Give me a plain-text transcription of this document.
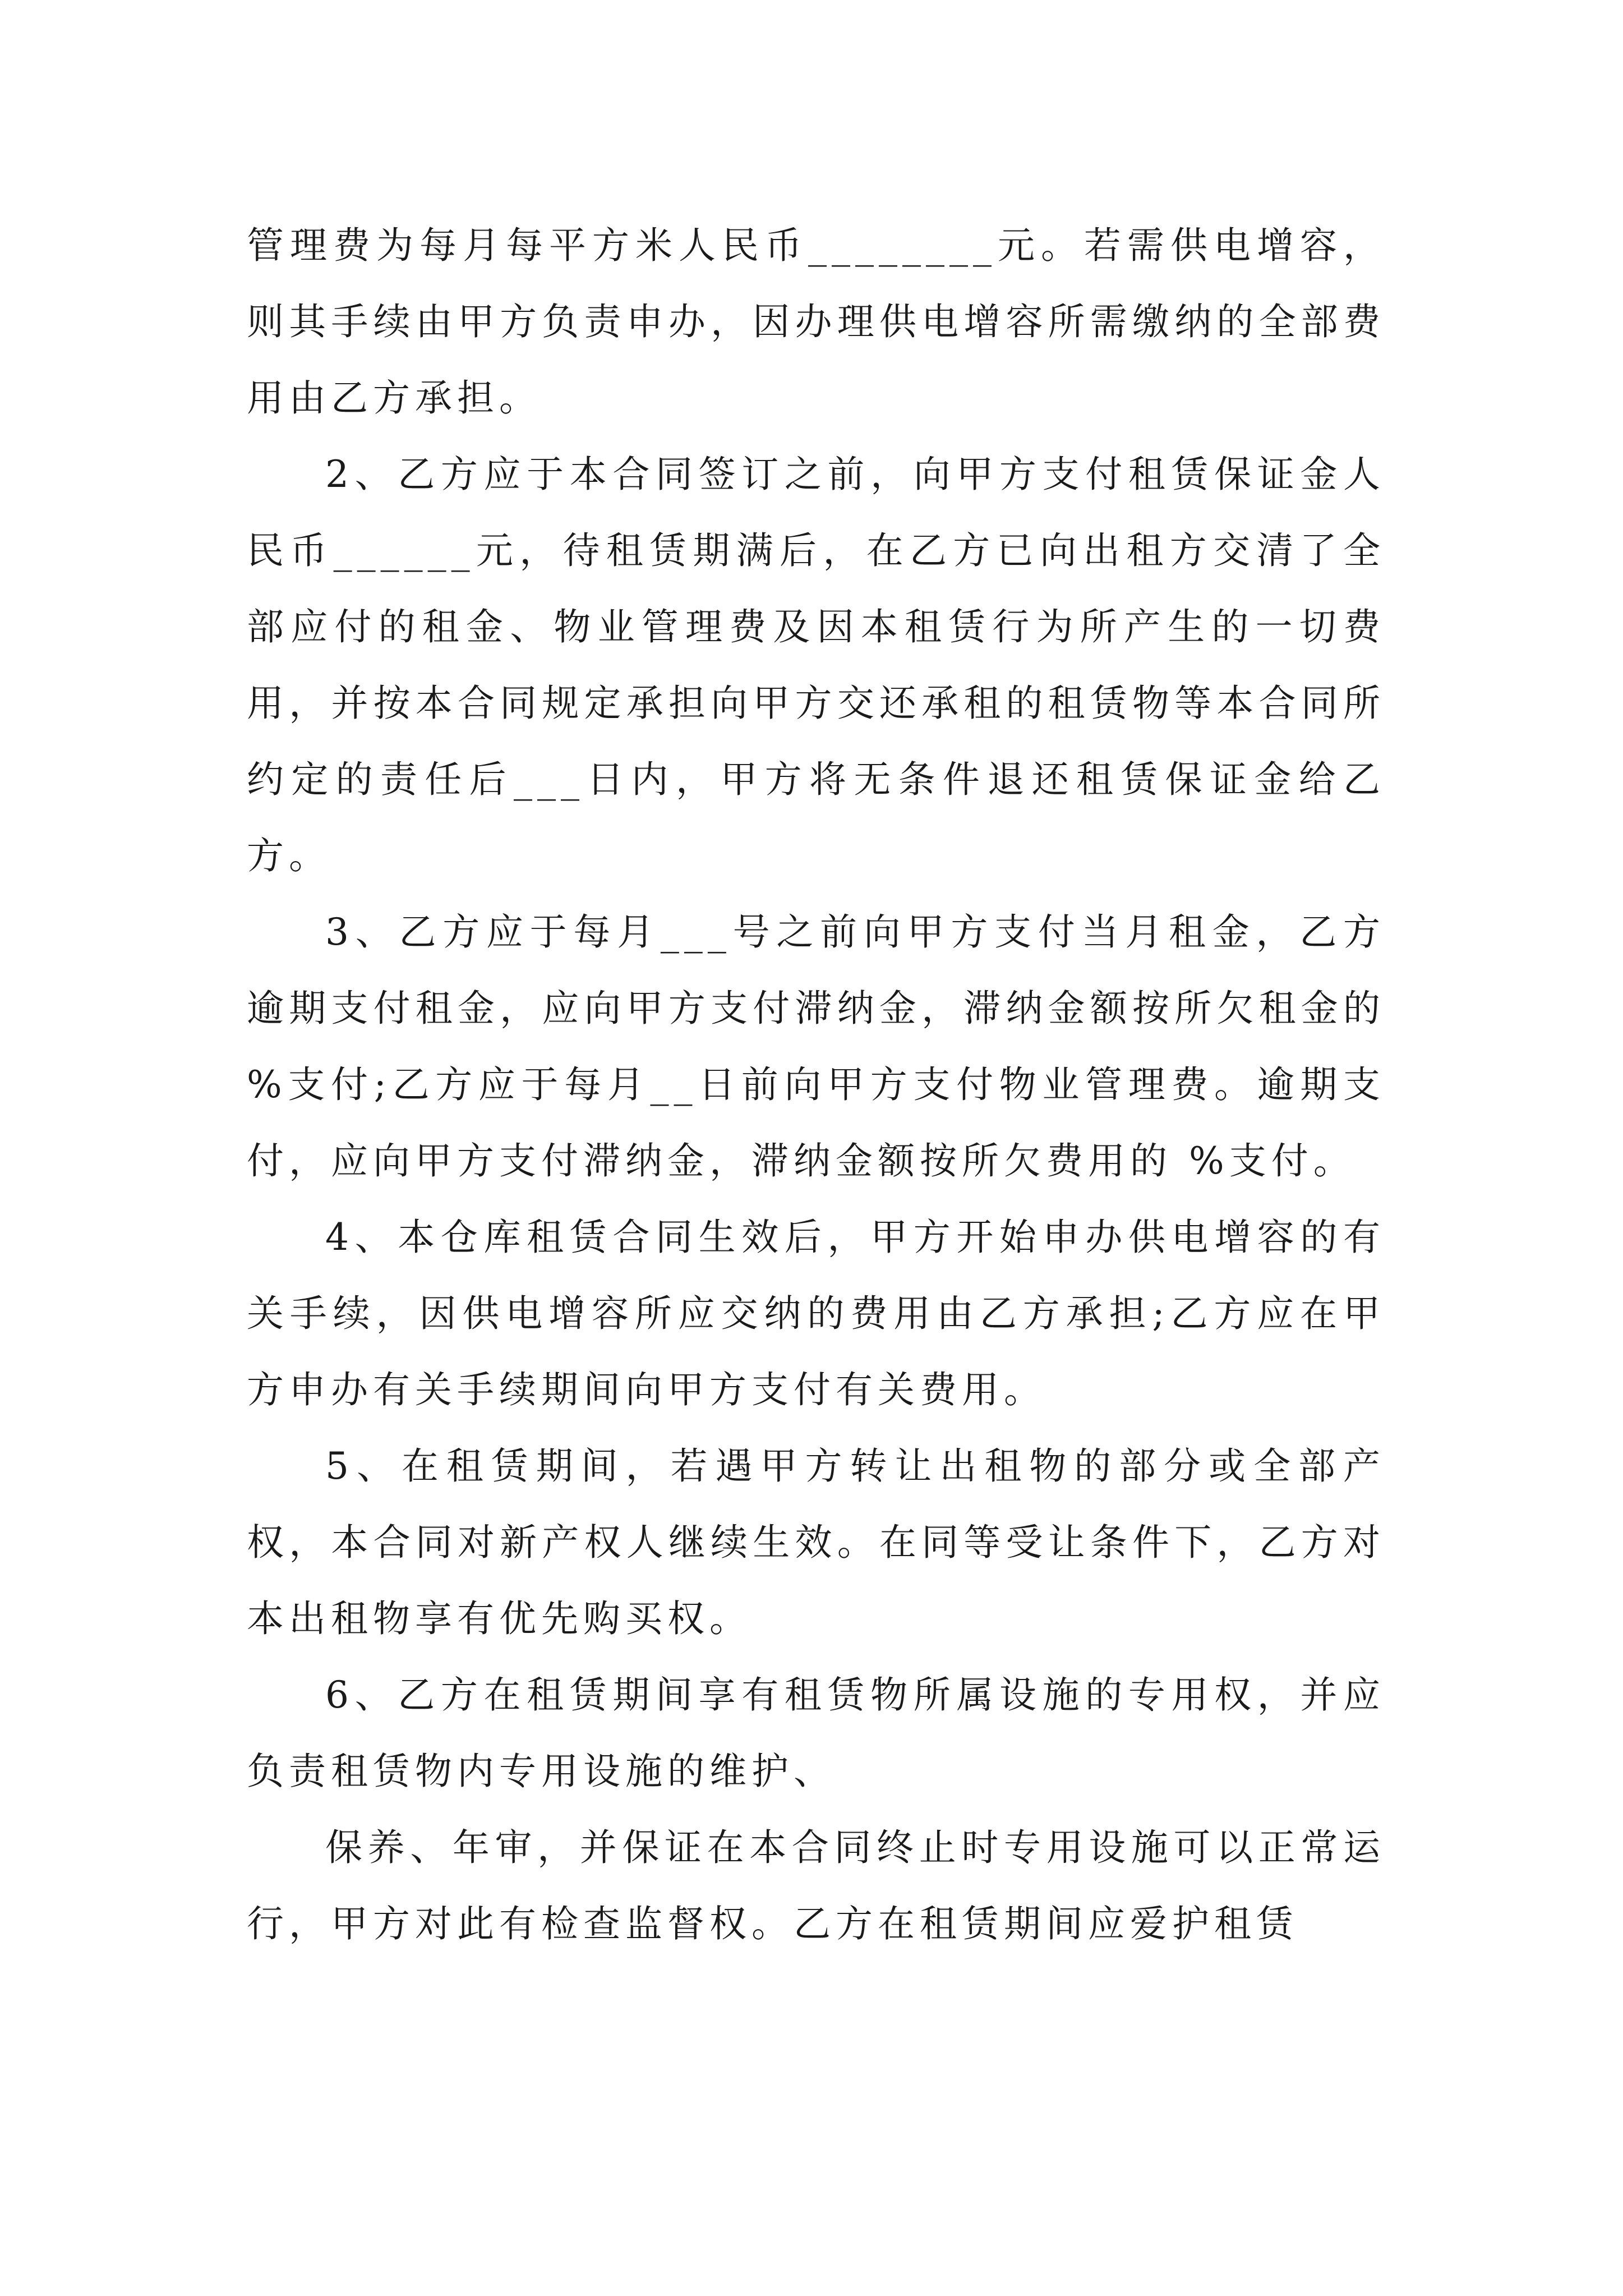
管理费为每月每平方米人民币________元。若需供电增容，则其手续由甲方负责申办，因办理供电增容所需缴纳的全部费用由乙方承担。

2、乙方应于本合同签订之前，向甲方支付租赁保证金人民币______元，待租赁期满后，在乙方已向出租方交清了全部应付的租金、物业管理费及因本租赁行为所产生的一切费用，并按本合同规定承担向甲方交还承租的租赁物等本合同所约定的责任后___日内，甲方将无条件退还租赁保证金给乙方。

3、乙方应于每月___号之前向甲方支付当月租金，乙方逾期支付租金，应向甲方支付滞纳金，滞纳金额按所欠租金的 %支付;乙方应于每月__日前向甲方支付物业管理费。逾期支付，应向甲方支付滞纳金，滞纳金额按所欠费用的 %支付。

4、本仓库租赁合同生效后，甲方开始申办供电增容的有关手续，因供电增容所应交纳的费用由乙方承担;乙方应在甲方申办有关手续期间向甲方支付有关费用。

5、在租赁期间，若遇甲方转让出租物的部分或全部产权，本合同对新产权人继续生效。在同等受让条件下，乙方对本出租物享有优先购买权。

6、乙方在租赁期间享有租赁物所属设施的专用权，并应负责租赁物内专用设施的维护、

保养、年审，并保证在本合同终止时专用设施可以正常运行，甲方对此有检查监督权。乙方在租赁期间应爱护租赁
